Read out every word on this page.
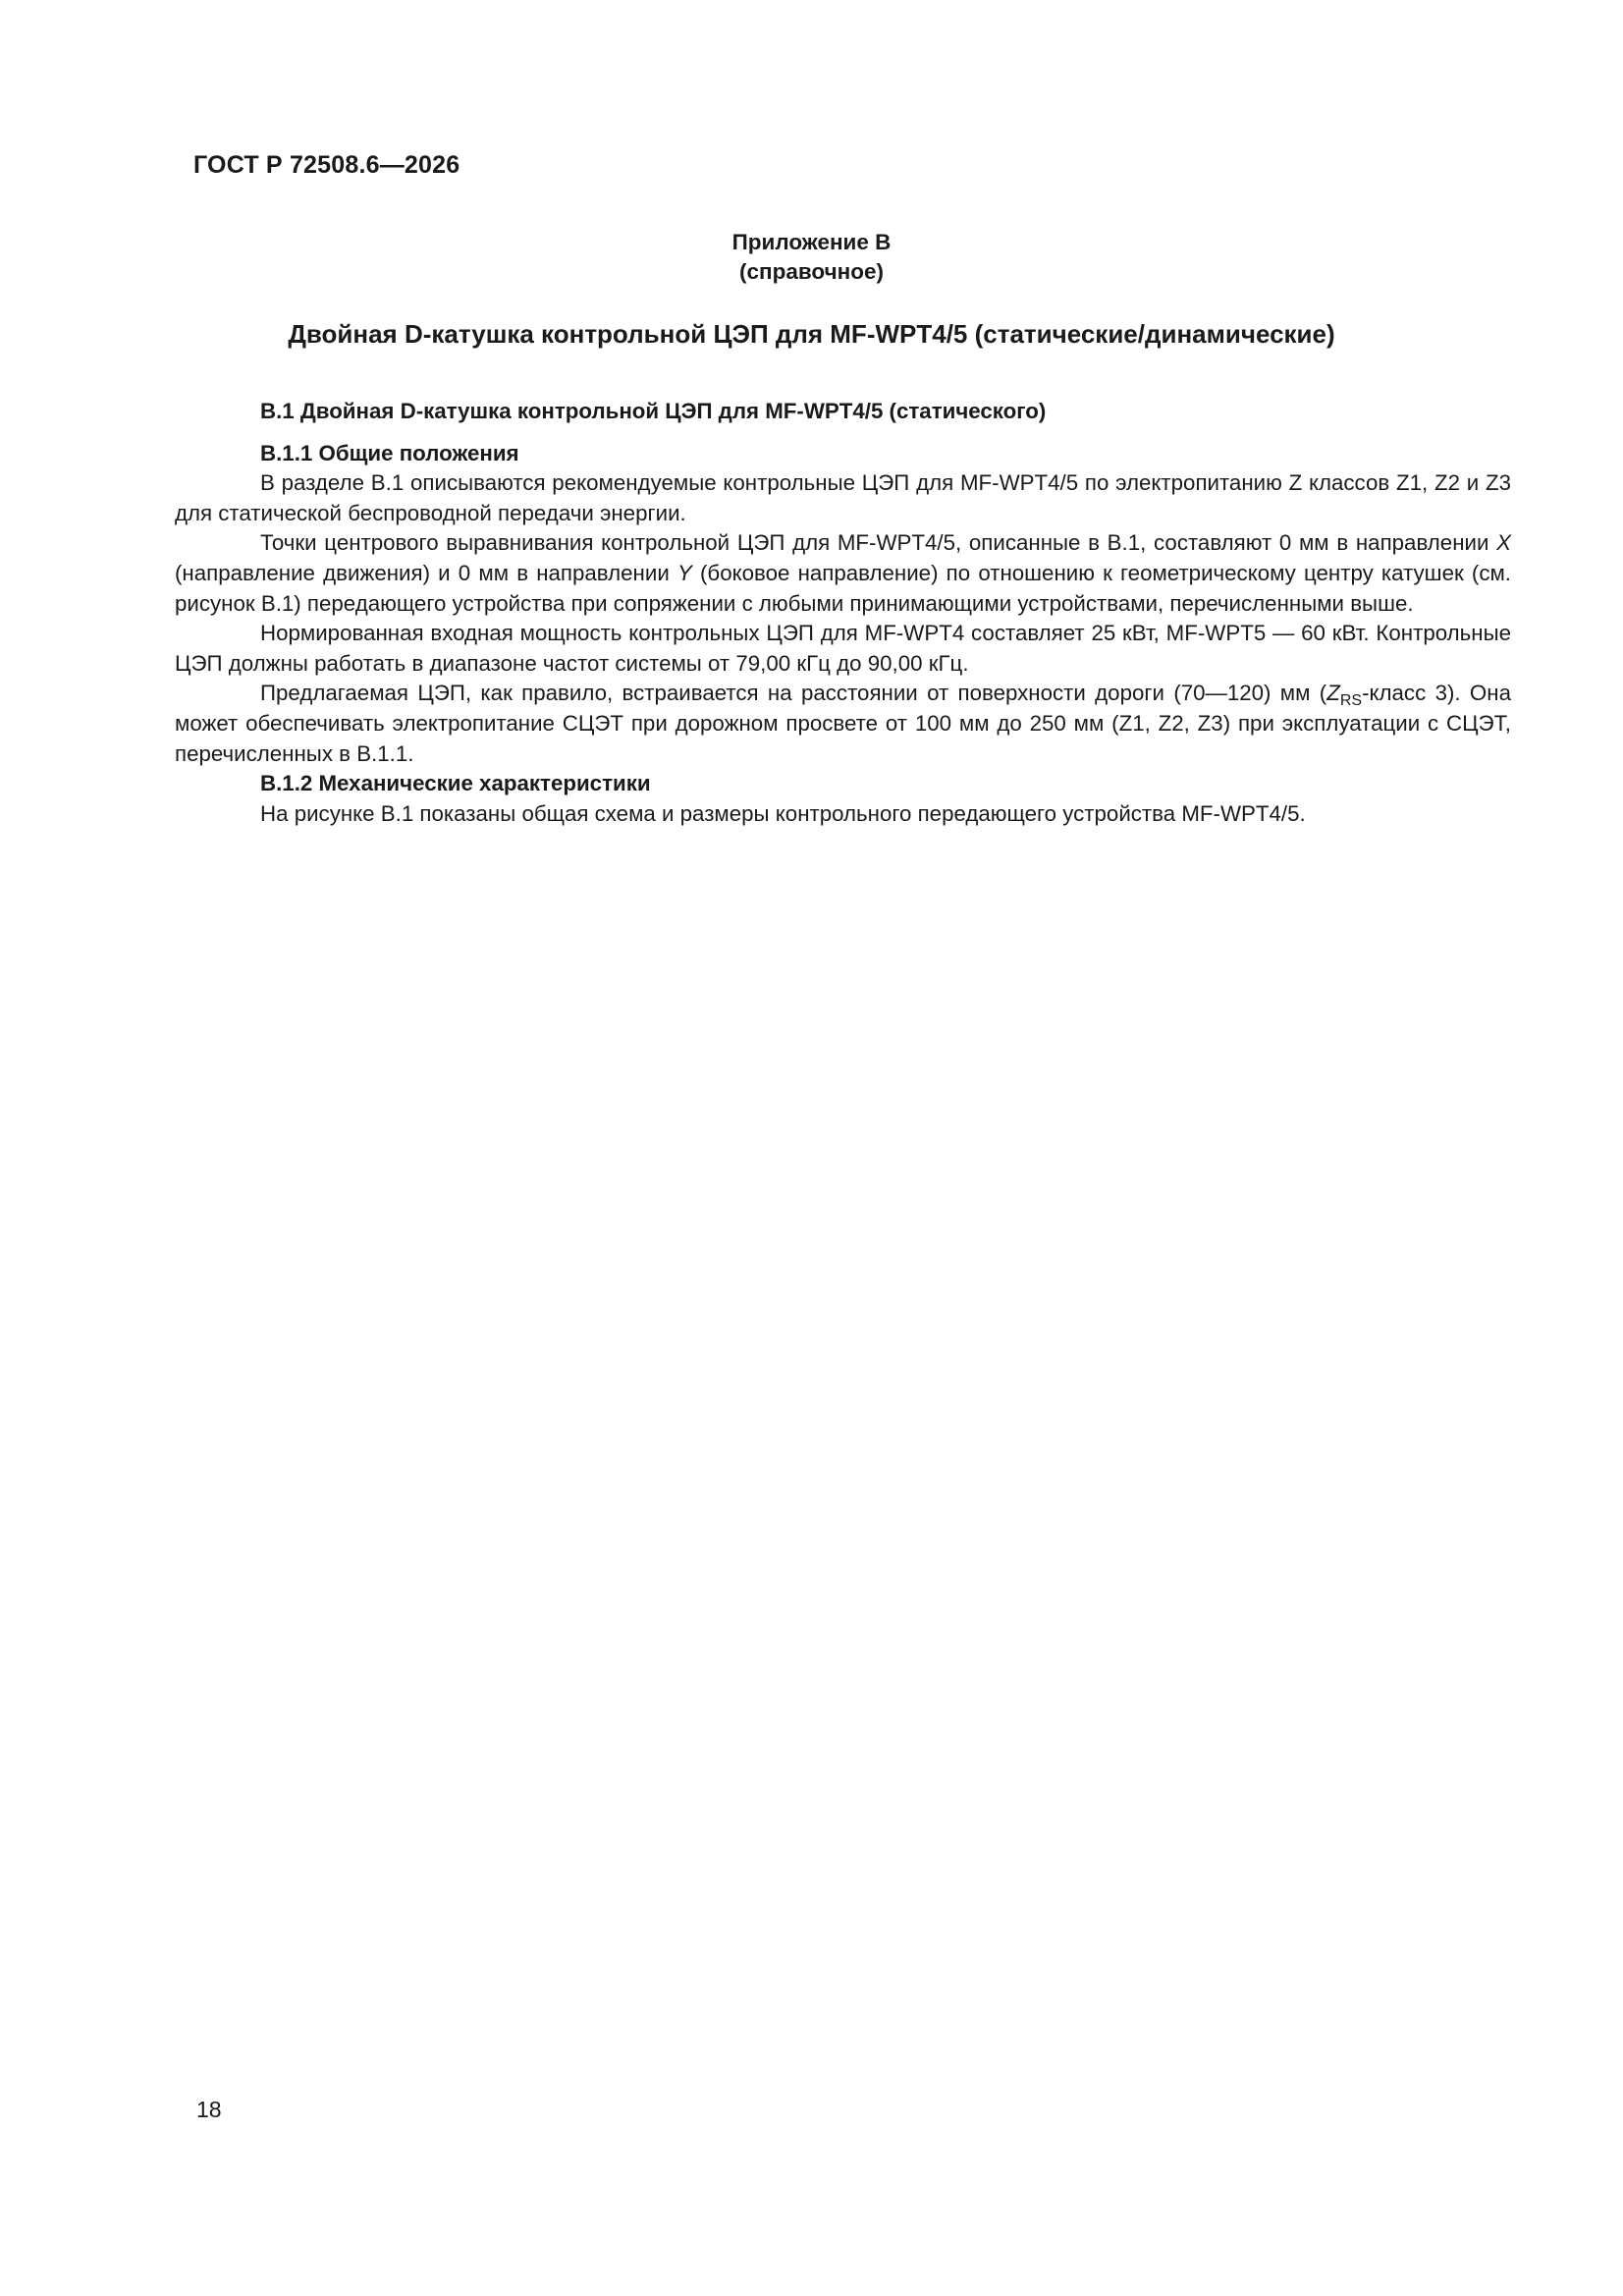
ГОСТ Р 72508.6—2026
Приложение В
(справочное)
Двойная D-катушка контрольной ЦЭП для MF-WPT4/5 (статические/динамические)

В.1 Двойная D-катушка контрольной ЦЭП для MF-WPT4/5 (статического)

В.1.1 Общие положения

В разделе В.1 описываются рекомендуемые контрольные ЦЭП для MF-WPT4/5 по электропитанию Z классов Z1, Z2 и Z3 для статической беспроводной передачи энергии.

Точки центрового выравнивания контрольной ЦЭП для MF-WPT4/5, описанные в В.1, составляют 0 мм в направлении X (направление движения) и 0 мм в направлении Y (боковое направление) по отношению к геометрическому центру катушек (см. рисунок В.1) передающего устройства при сопряжении с любыми принимающими устройствами, перечисленными выше.

Нормированная входная мощность контрольных ЦЭП для MF-WPT4 составляет 25 кВт, MF-WPT5 — 60 кВт. Контрольные ЦЭП должны работать в диапазоне частот системы от 79,00 кГц до 90,00 кГц.

Предлагаемая ЦЭП, как правило, встраивается на расстоянии от поверхности дороги (70—120) мм ($Z_{RS}$-класс 3). Она может обеспечивать электропитание СЦЭТ при дорожном просвете от 100 мм до 250 мм (Z1, Z2, Z3) при эксплуатации с СЦЭТ, перечисленных в В.1.1.

В.1.2 Механические характеристики

На рисунке В.1 показаны общая схема и размеры контрольного передающего устройства MF-WPT4/5.

18
